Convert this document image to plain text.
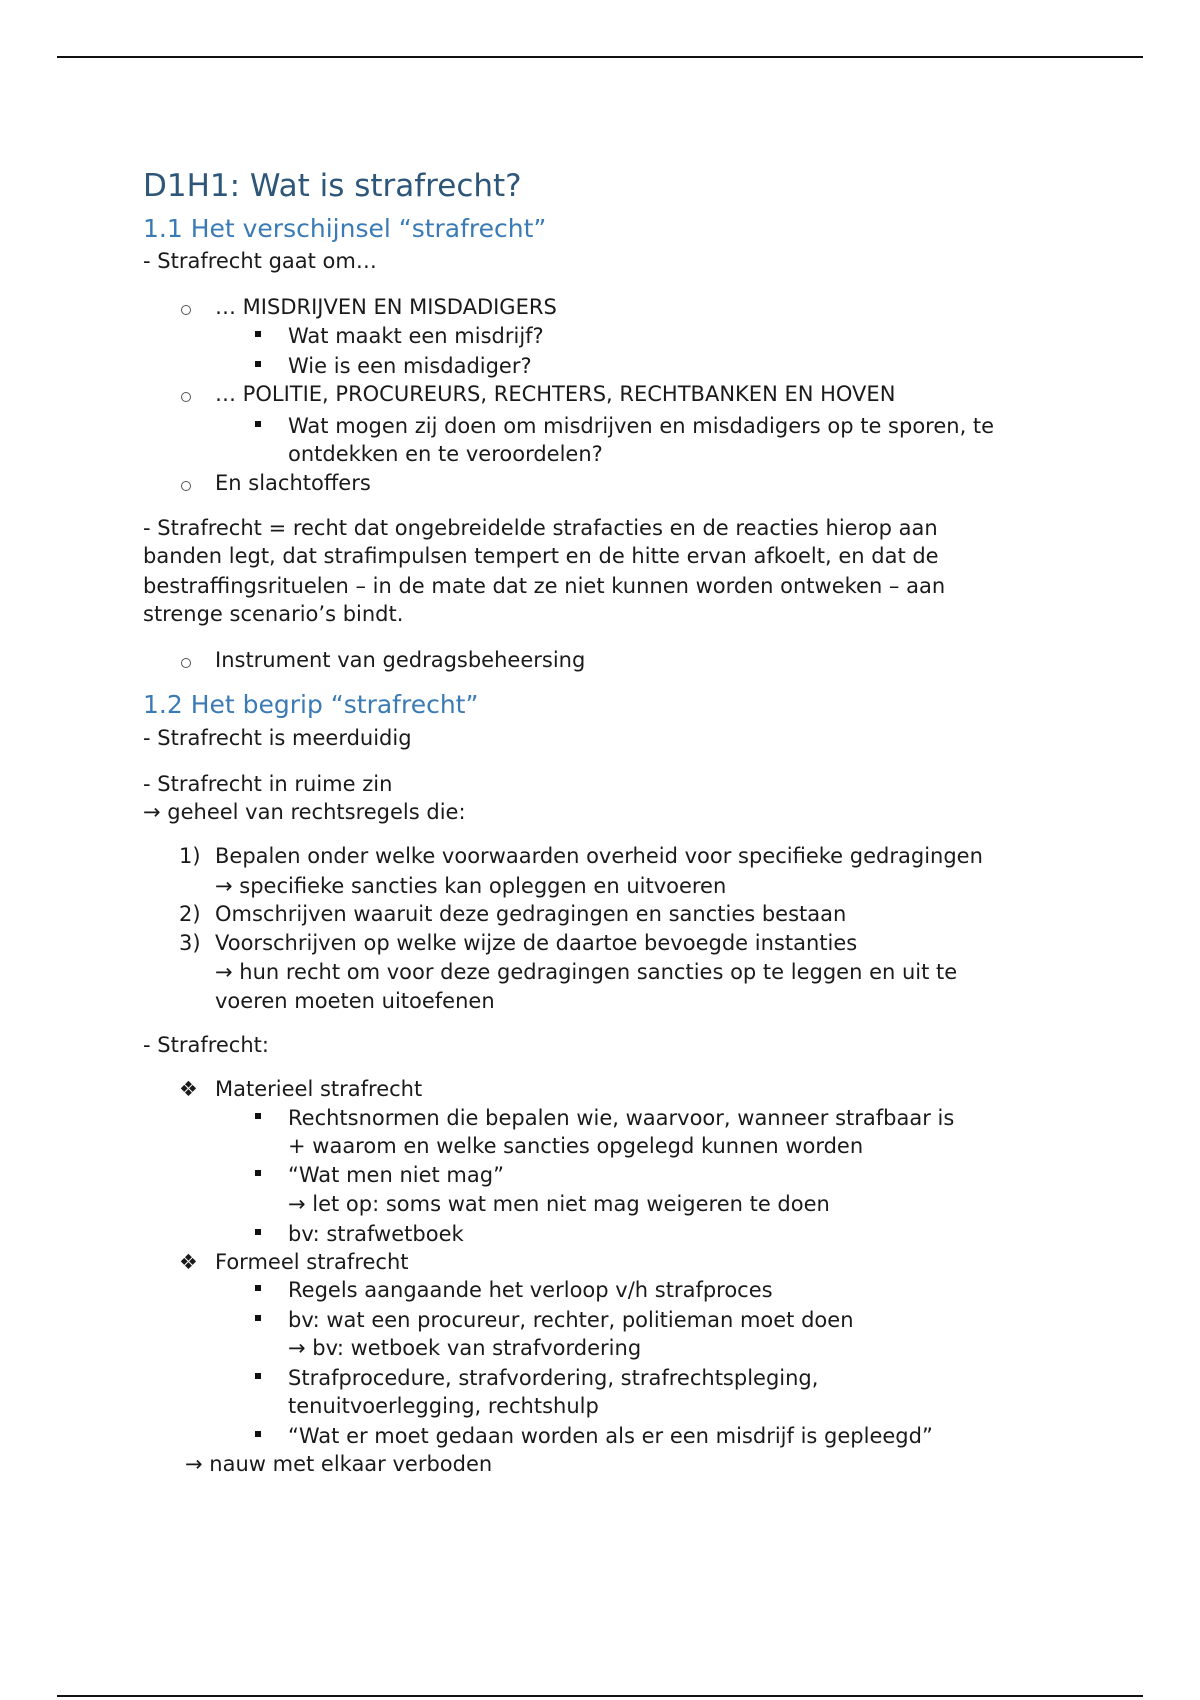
D1H1: Wat is strafrecht?
1.1 Het verschijnsel “strafrecht”
- Strafrecht gaat om…
… MISDRIJVEN EN MISDADIGERS
Wat maakt een misdrijf?
Wie is een misdadiger?
… POLITIE, PROCUREURS, RECHTERS, RECHTBANKEN EN HOVEN
Wat mogen zij doen om misdrijven en misdadigers op te sporen, te
ontdekken en te veroordelen?
En slachtoffers
- Strafrecht = recht dat ongebreidelde strafacties en de reacties hierop aan
banden legt, dat strafimpulsen tempert en de hitte ervan afkoelt, en dat de
bestraffingsrituelen – in de mate dat ze niet kunnen worden ontweken – aan
strenge scenario’s bindt.
Instrument van gedragsbeheersing
1.2 Het begrip “strafrecht”
- Strafrecht is meerduidig
- Strafrecht in ruime zin
→ geheel van rechtsregels die:
1) Bepalen onder welke voorwaarden overheid voor specifieke gedragingen
→ specifieke sancties kan opleggen en uitvoeren
2) Omschrijven waaruit deze gedragingen en sancties bestaan
3) Voorschrijven op welke wijze de daartoe bevoegde instanties
→ hun recht om voor deze gedragingen sancties op te leggen en uit te
voeren moeten uitoefenen
- Strafrecht:
❖ Materieel strafrecht
Rechtsnormen die bepalen wie, waarvoor, wanneer strafbaar is
+ waarom en welke sancties opgelegd kunnen worden
“Wat men niet mag”
→ let op: soms wat men niet mag weigeren te doen
bv: strafwetboek
❖ Formeel strafrecht
Regels aangaande het verloop v/h strafproces
bv: wat een procureur, rechter, politieman moet doen
→ bv: wetboek van strafvordering
Strafprocedure, strafvordering, strafrechtspleging,
tenuitvoerlegging, rechtshulp
“Wat er moet gedaan worden als er een misdrijf is gepleegd”
→ nauw met elkaar verboden
